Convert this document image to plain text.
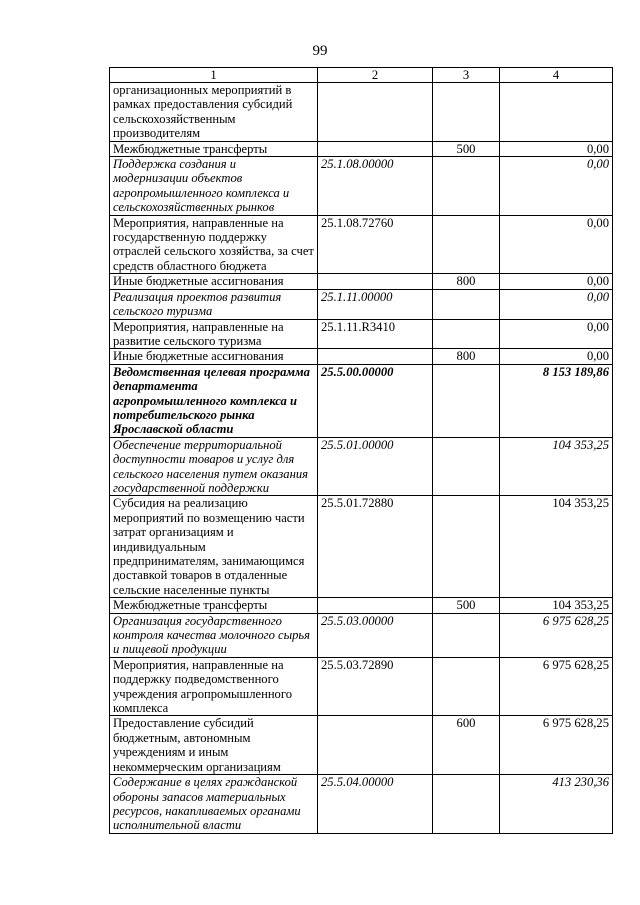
99
1	2	3	4
организационных мероприятий в рамках предоставления субсидий сельскохозяйственным производителям			
Межбюджетные трансферты		500	0,00
Поддержка создания и модернизации объектов агропромышленного комплекса и сельскохозяйственных рынков	25.1.08.00000		0,00
Мероприятия, направленные на государственную поддержку отраслей сельского хозяйства, за счет средств областного бюджета	25.1.08.72760		0,00
Иные бюджетные ассигнования		800	0,00
Реализация проектов развития сельского туризма	25.1.11.00000		0,00
Мероприятия, направленные на развитие сельского туризма	25.1.11.R3410		0,00
Иные бюджетные ассигнования		800	0,00
Ведомственная целевая программа департамента агропромышленного комплекса и потребительского рынка Ярославской области	25.5.00.00000		8 153 189,86
Обеспечение территориальной доступности товаров и услуг для сельского населения путем оказания государственной поддержки	25.5.01.00000		104 353,25
Субсидия на реализацию мероприятий по возмещению части затрат организациям и индивидуальным предпринимателям, занимающимся доставкой товаров в отдаленные сельские населенные пункты	25.5.01.72880		104 353,25
Межбюджетные трансферты		500	104 353,25
Организация государственного контроля качества молочного сырья и пищевой продукции	25.5.03.00000		6 975 628,25
Мероприятия, направленные на поддержку подведомственного учреждения агропромышленного комплекса	25.5.03.72890		6 975 628,25
Предоставление субсидий бюджетным, автономным учреждениям и иным некоммерческим организациям		600	6 975 628,25
Содержание в целях гражданской обороны запасов материальных ресурсов, накапливаемых органами исполнительной власти	25.5.04.00000		413 230,36
